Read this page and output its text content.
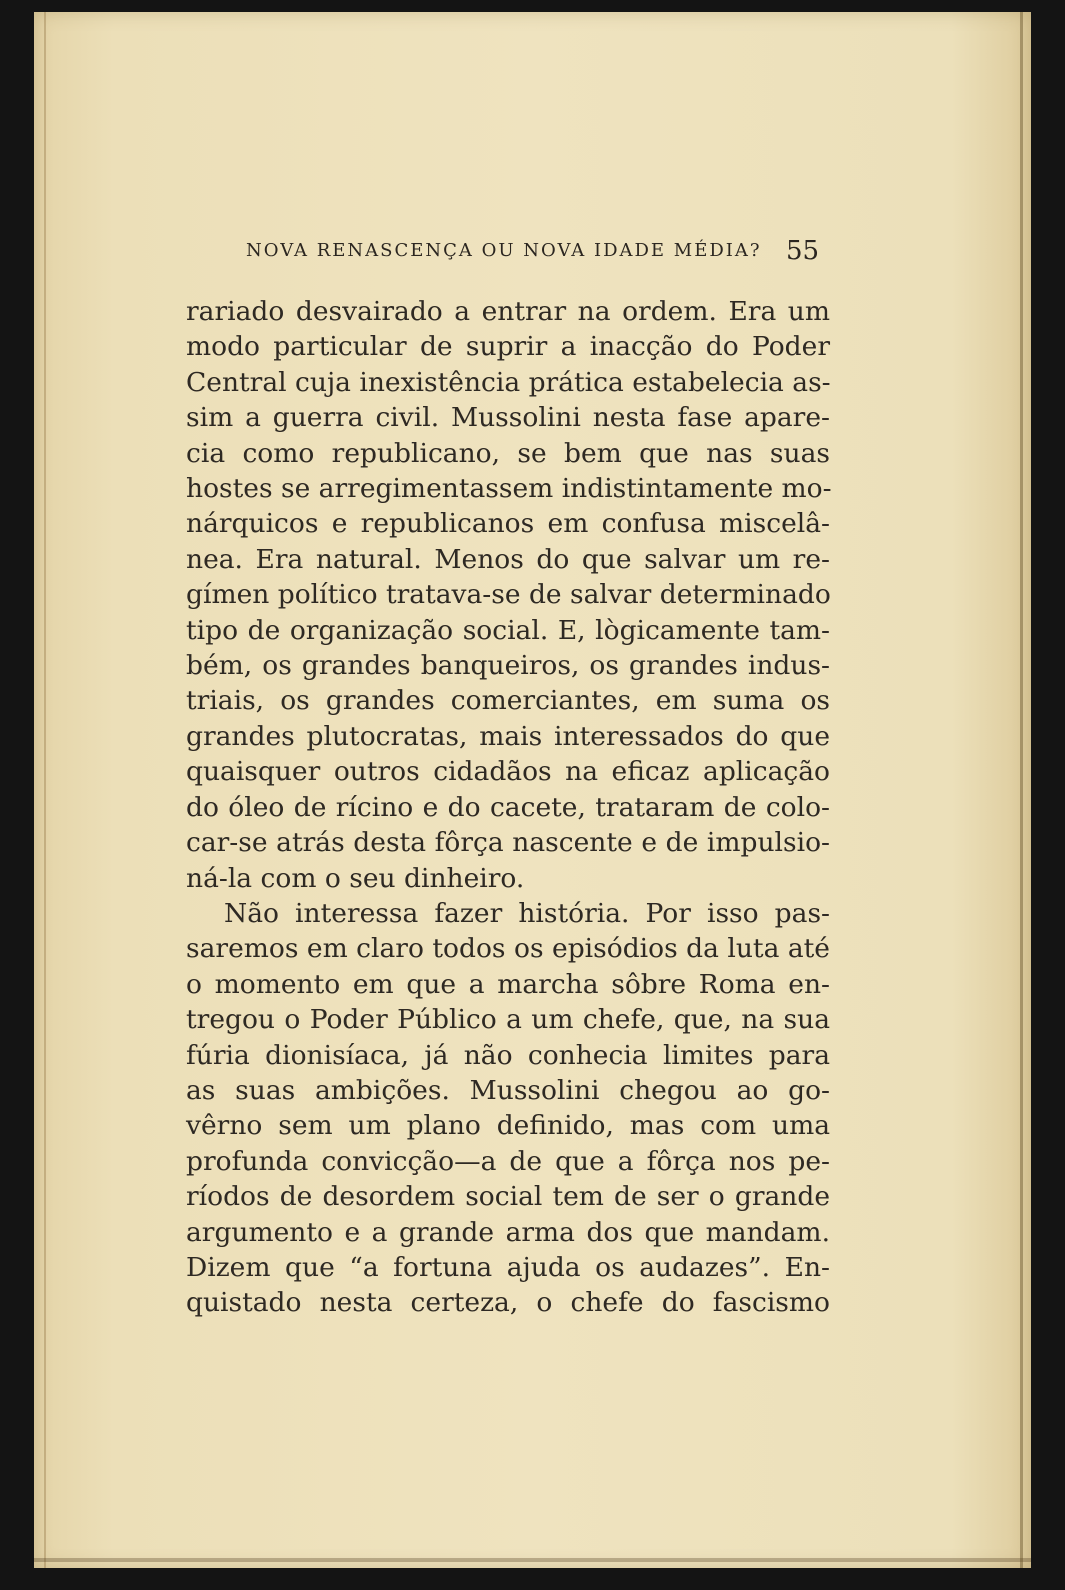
NOVA RENASCENÇA OU NOVA IDADE MÉDIA? 55
rariado desvairado a entrar na ordem. Era um
modo particular de suprir a inacção do Poder
Central cuja inexistência prática estabelecia as-
sim a guerra civil. Mussolini nesta fase apare-
cia como republicano, se bem que nas suas
hostes se arregimentassem indistintamente mo-
nárquicos e republicanos em confusa miscelâ-
nea. Era natural. Menos do que salvar um re-
gímen político tratava-se de salvar determinado
tipo de organização social. E, lògicamente tam-
bém, os grandes banqueiros, os grandes indus-
triais, os grandes comerciantes, em suma os
grandes plutocratas, mais interessados do que
quaisquer outros cidadãos na eficaz aplicação
do óleo de rícino e do cacete, trataram de colo-
car-se atrás desta fôrça nascente e de impulsio-
ná-la com o seu dinheiro.
Não interessa fazer história. Por isso pas-
saremos em claro todos os episódios da luta até
o momento em que a marcha sôbre Roma en-
tregou o Poder Público a um chefe, que, na sua
fúria dionisíaca, já não conhecia limites para
as suas ambições. Mussolini chegou ao go-
vêrno sem um plano definido, mas com uma
profunda convicção—a de que a fôrça nos pe-
ríodos de desordem social tem de ser o grande
argumento e a grande arma dos que mandam.
Dizem que “a fortuna ajuda os audazes”. En-
quistado nesta certeza, o chefe do fascismo
